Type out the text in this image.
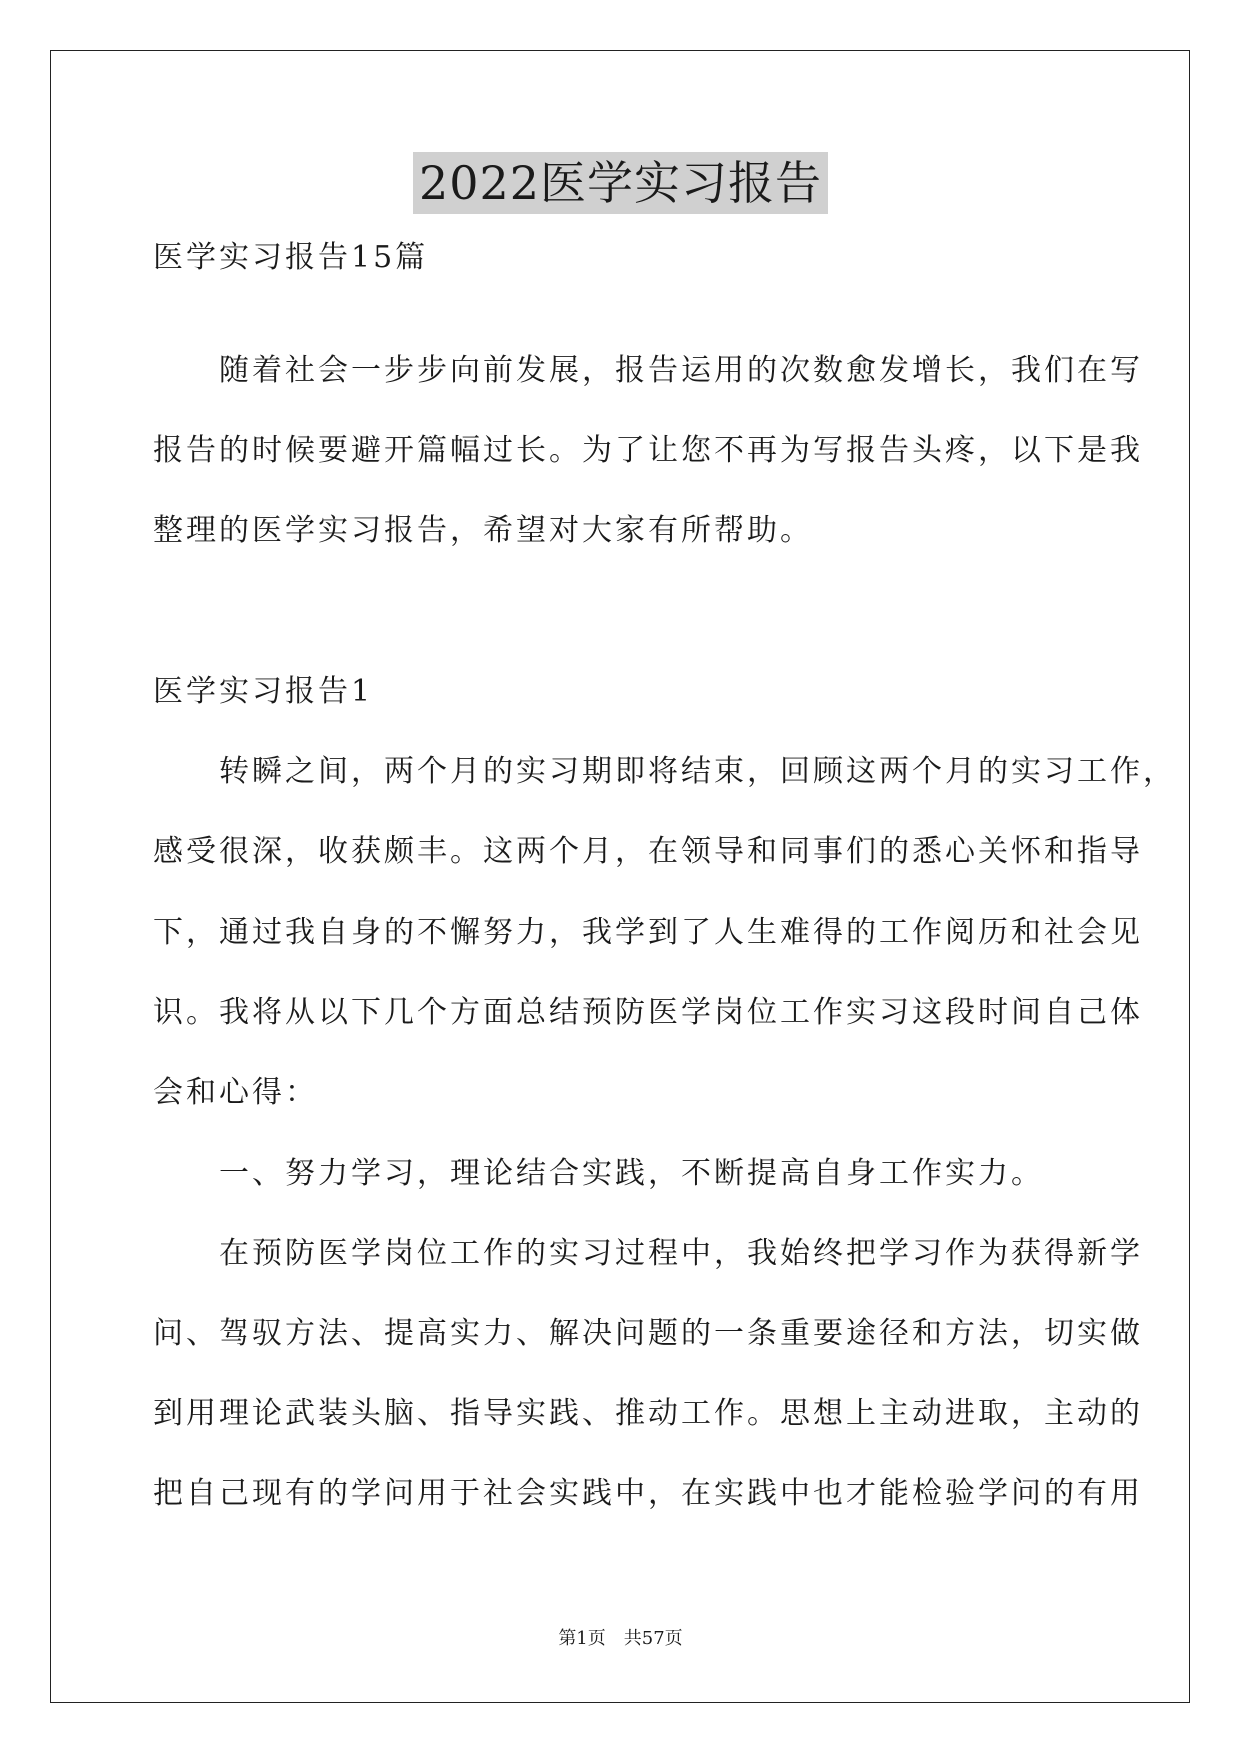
2022医学实习报告
医学实习报告15篇
　　随着社会一步步向前发展，报告运用的次数愈发增长，我们在写
报告的时候要避开篇幅过长。为了让您不再为写报告头疼，以下是我
整理的医学实习报告，希望对大家有所帮助。
医学实习报告1
　　转瞬之间，两个月的实习期即将结束，回顾这两个月的实习工作，
感受很深，收获颇丰。这两个月，在领导和同事们的悉心关怀和指导
下，通过我自身的不懈努力，我学到了人生难得的工作阅历和社会见
识。我将从以下几个方面总结预防医学岗位工作实习这段时间自己体
会和心得：
　　一、努力学习，理论结合实践，不断提高自身工作实力。
　　在预防医学岗位工作的实习过程中，我始终把学习作为获得新学
问、驾驭方法、提高实力、解决问题的一条重要途径和方法，切实做
到用理论武装头脑、指导实践、推动工作。思想上主动进取，主动的
把自己现有的学问用于社会实践中，在实践中也才能检验学问的有用
第1页 共57页
